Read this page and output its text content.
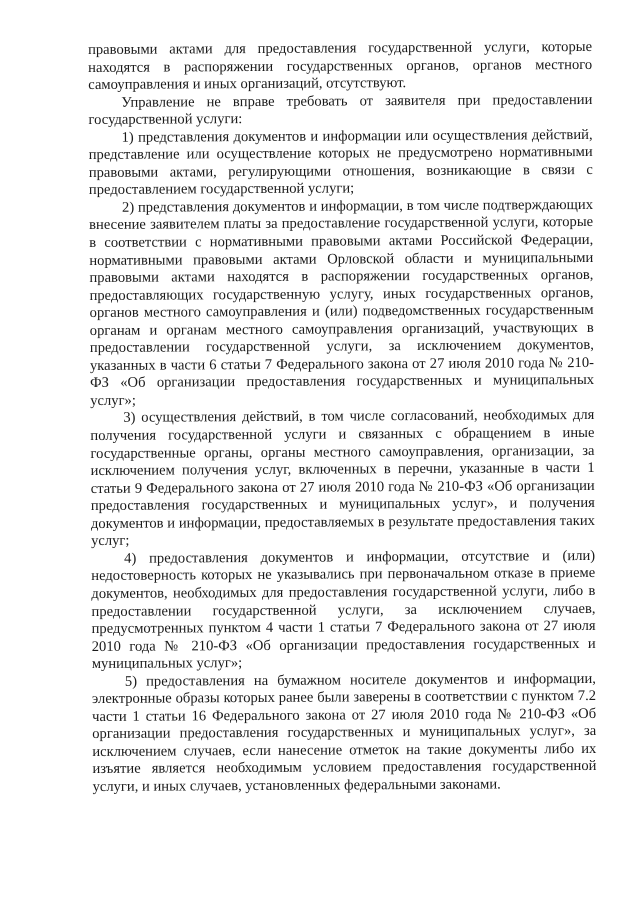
правовыми актами для предоставления государственной услуги, которые находятся в распоряжении государственных органов, органов местного самоуправления и иных организаций, отсутствуют.

Управление не вправе требовать от заявителя при предоставлении государственной услуги:

1) представления документов и информации или осуществления действий, представление или осуществление которых не предусмотрено нормативными правовыми актами, регулирующими отношения, возникающие в связи с предоставлением государственной услуги;

2) представления документов и информации, в том числе подтверждающих внесение заявителем платы за предоставление государственной услуги, которые в соответствии с нормативными правовыми актами Российской Федерации, нормативными правовыми актами Орловской области и муниципальными правовыми актами находятся в распоряжении государственных органов, предоставляющих государственную услугу, иных государственных органов, органов местного самоуправления и (или) подведомственных государственным органам и органам местного самоуправления организаций, участвующих в предоставлении государственной услуги, за исключением документов, указанных в части 6 статьи 7 Федерального закона от 27 июля 2010 года № 210-ФЗ «Об организации предоставления государственных и муниципальных услуг»;

3) осуществления действий, в том числе согласований, необходимых для получения государственной услуги и связанных с обращением в иные государственные органы, органы местного самоуправления, организации, за исключением получения услуг, включенных в перечни, указанные в части 1 статьи 9 Федерального закона от 27 июля 2010 года № 210-ФЗ «Об организации предоставления государственных и муниципальных услуг», и получения документов и информации, предоставляемых в результате предоставления таких услуг;

4) предоставления документов и информации, отсутствие и (или) недостоверность которых не указывались при первоначальном отказе в приеме документов, необходимых для предоставления государственной услуги, либо в предоставлении государственной услуги, за исключением случаев, предусмотренных пунктом 4 части 1 статьи 7 Федерального закона от 27 июля 2010 года № 210-ФЗ «Об организации предоставления государственных и муниципальных услуг»;

5) предоставления на бумажном носителе документов и информации, электронные образы которых ранее были заверены в соответствии с пунктом 7.2 части 1 статьи 16 Федерального закона от 27 июля 2010 года № 210-ФЗ «Об организации предоставления государственных и муниципальных услуг», за исключением случаев, если нанесение отметок на такие документы либо их изъятие является необходимым условием предоставления государственной услуги, и иных случаев, установленных федеральными законами.
